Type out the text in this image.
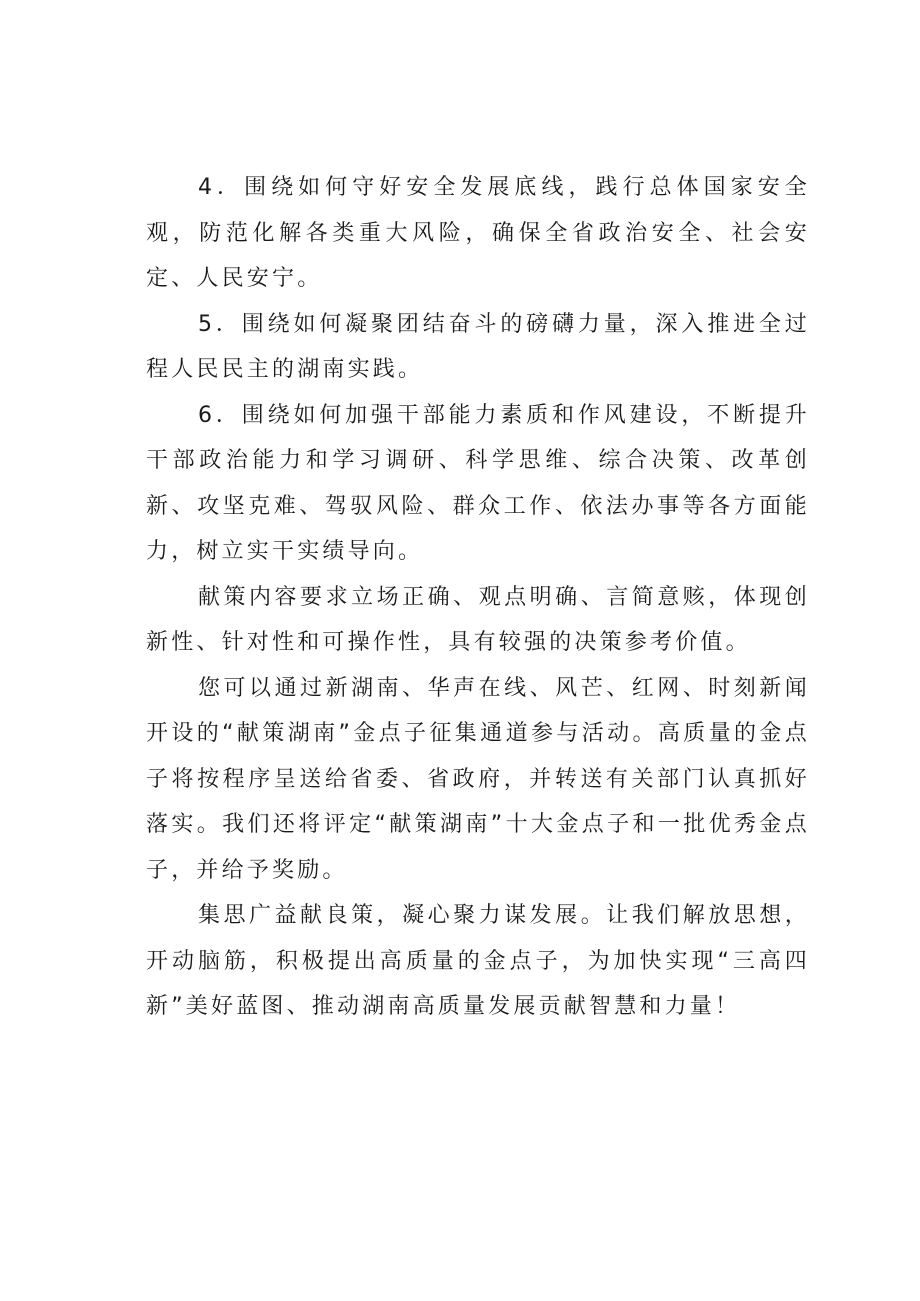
4．围绕如何守好安全发展底线，践行总体国家安全观，防范化解各类重大风险，确保全省政治安全、社会安定、人民安宁。

5．围绕如何凝聚团结奋斗的磅礴力量，深入推进全过程人民民主的湖南实践。

6．围绕如何加强干部能力素质和作风建设，不断提升干部政治能力和学习调研、科学思维、综合决策、改革创新、攻坚克难、驾驭风险、群众工作、依法办事等各方面能力，树立实干实绩导向。

献策内容要求立场正确、观点明确、言简意赅，体现创新性、针对性和可操作性，具有较强的决策参考价值。

您可以通过新湖南、华声在线、风芒、红网、时刻新闻开设的“献策湖南”金点子征集通道参与活动。高质量的金点子将按程序呈送给省委、省政府，并转送有关部门认真抓好落实。我们还将评定“献策湖南”十大金点子和一批优秀金点子，并给予奖励。

集思广益献良策，凝心聚力谋发展。让我们解放思想，开动脑筋，积极提出高质量的金点子，为加快实现“三高四新”美好蓝图、推动湖南高质量发展贡献智慧和力量！
